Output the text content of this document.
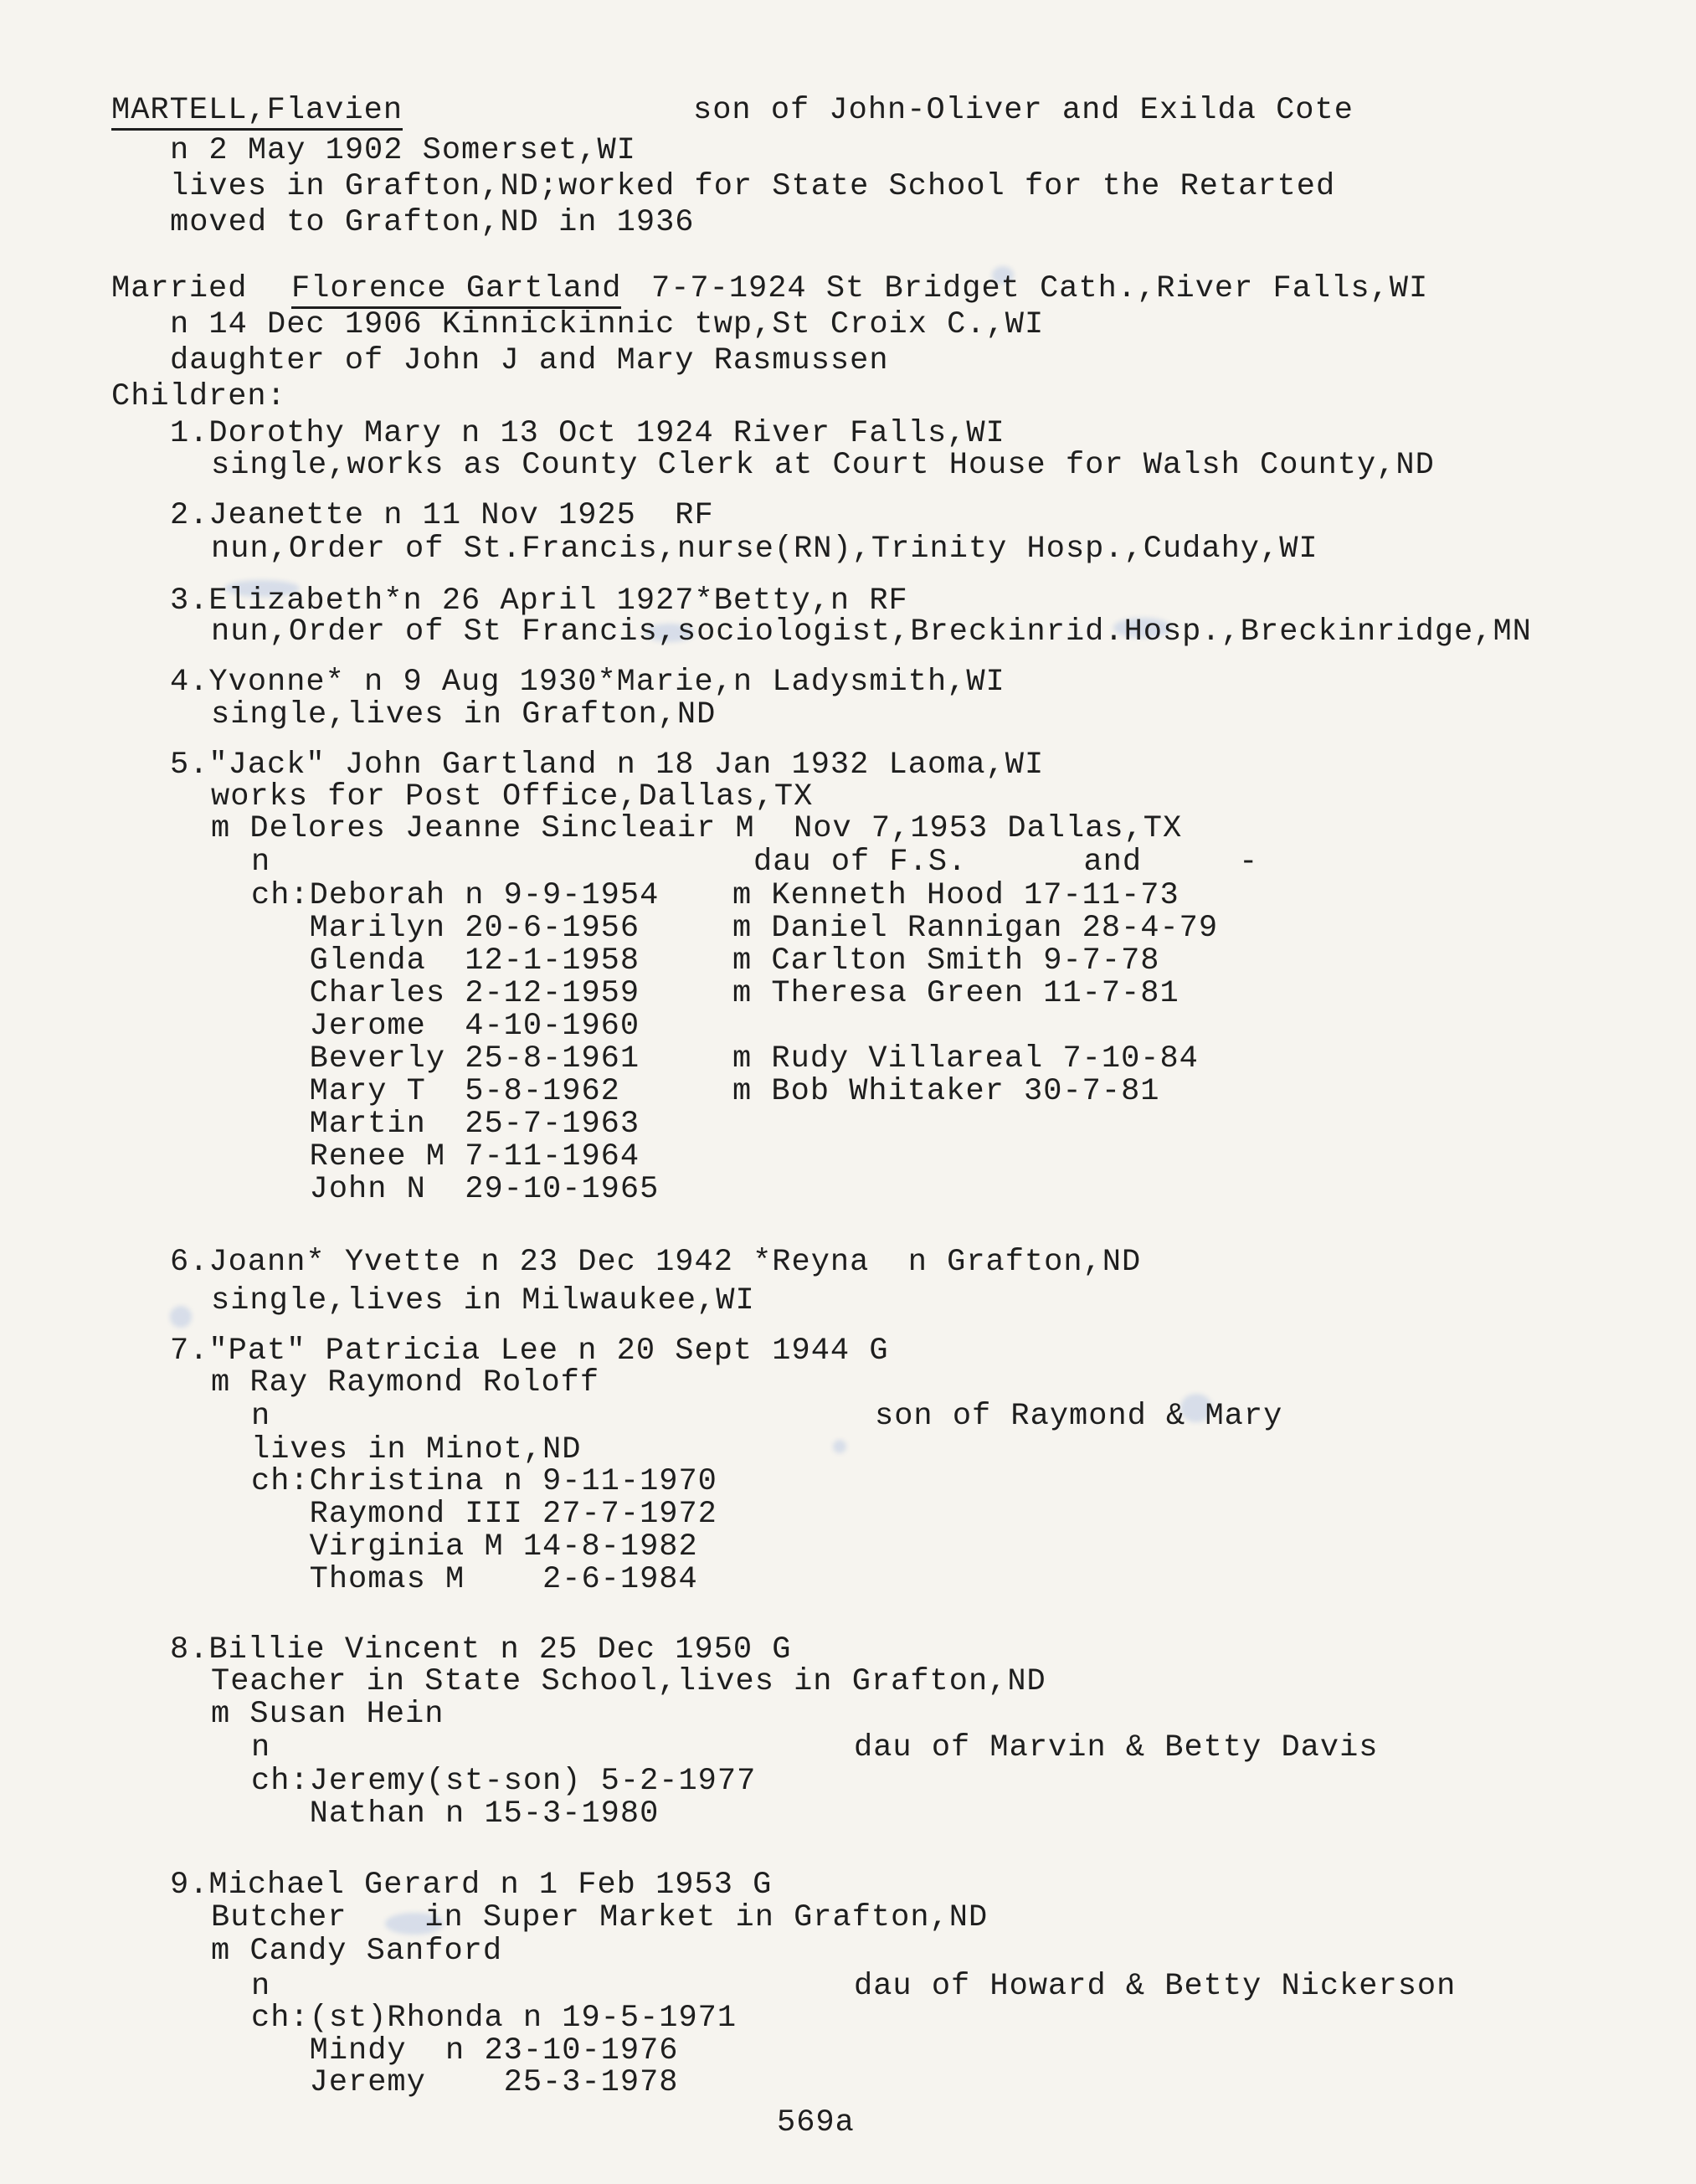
MARTELL,Flavien	son of John-Oliver and Exilda Cote
n 2 May 1902 Somerset,WI
lives in Grafton,ND;worked for State School for the Retarted
moved to Grafton,ND in 1936
Married Florence Gartland 7-7-1924 St Bridget Cath.,River Falls,WI
n 14 Dec 1906 Kinnickinnic twp,St Croix C.,WI
daughter of John J and Mary Rasmussen
Children:
1.Dorothy Mary n 13 Oct 1924 River Falls,WI
single,works as County Clerk at Court House for Walsh County,ND
2.Jeanette n 11 Nov 1925  RF
nun,Order of St.Francis,nurse(RN),Trinity Hosp.,Cudahy,WI
3.Elizabeth*n 26 April 1927*Betty,n RF
nun,Order of St Francis,sociologist,Breckinrid.Hosp.,Breckinridge,MN
4.Yvonne* n 9 Aug 1930*Marie,n Ladysmith,WI
single,lives in Grafton,ND
5."Jack" John Gartland n 18 Jan 1932 Laoma,WI
works for Post Office,Dallas,TX
m Delores Jeanne Sincleair M  Nov 7,1953 Dallas,TX
n	dau of F.S.      and     -
ch:Deborah n 9-9-1954 m Kenneth Hood 17-11-73
Marilyn 20-6-1956	m Daniel Rannigan 28-4-79
Glenda  12-1-1958	m Carlton Smith 9-7-78
Charles 2-12-1959	m Theresa Green 11-7-81
Jerome  4-10-1960
Beverly 25-8-1961	m Rudy Villareal 7-10-84
Mary T  5-8-1962	m Bob Whitaker 30-7-81
Martin  25-7-1963
Renee M 7-11-1964
John N  29-10-1965
6.Joann* Yvette n 23 Dec 1942 *Reyna  n Grafton,ND
single,lives in Milwaukee,WI
7."Pat" Patricia Lee n 20 Sept 1944 G
m Ray Raymond Roloff
n	son of Raymond & Mary
lives in Minot,ND
ch:Christina n 9-11-1970
Raymond III 27-7-1972
Virginia M 14-8-1982
Thomas M    2-6-1984
8.Billie Vincent n 25 Dec 1950 G
Teacher in State School,lives in Grafton,ND
m Susan Hein
n	dau of Marvin & Betty Davis
ch:Jeremy(st-son) 5-2-1977
Nathan n 15-3-1980
9.Michael Gerard n 1 Feb 1953 G
Butcher    in Super Market in Grafton,ND
m Candy Sanford
n	dau of Howard & Betty Nickerson
ch:(st)Rhonda n 19-5-1971
Mindy  n 23-10-1976
Jeremy    25-3-1978
569a
